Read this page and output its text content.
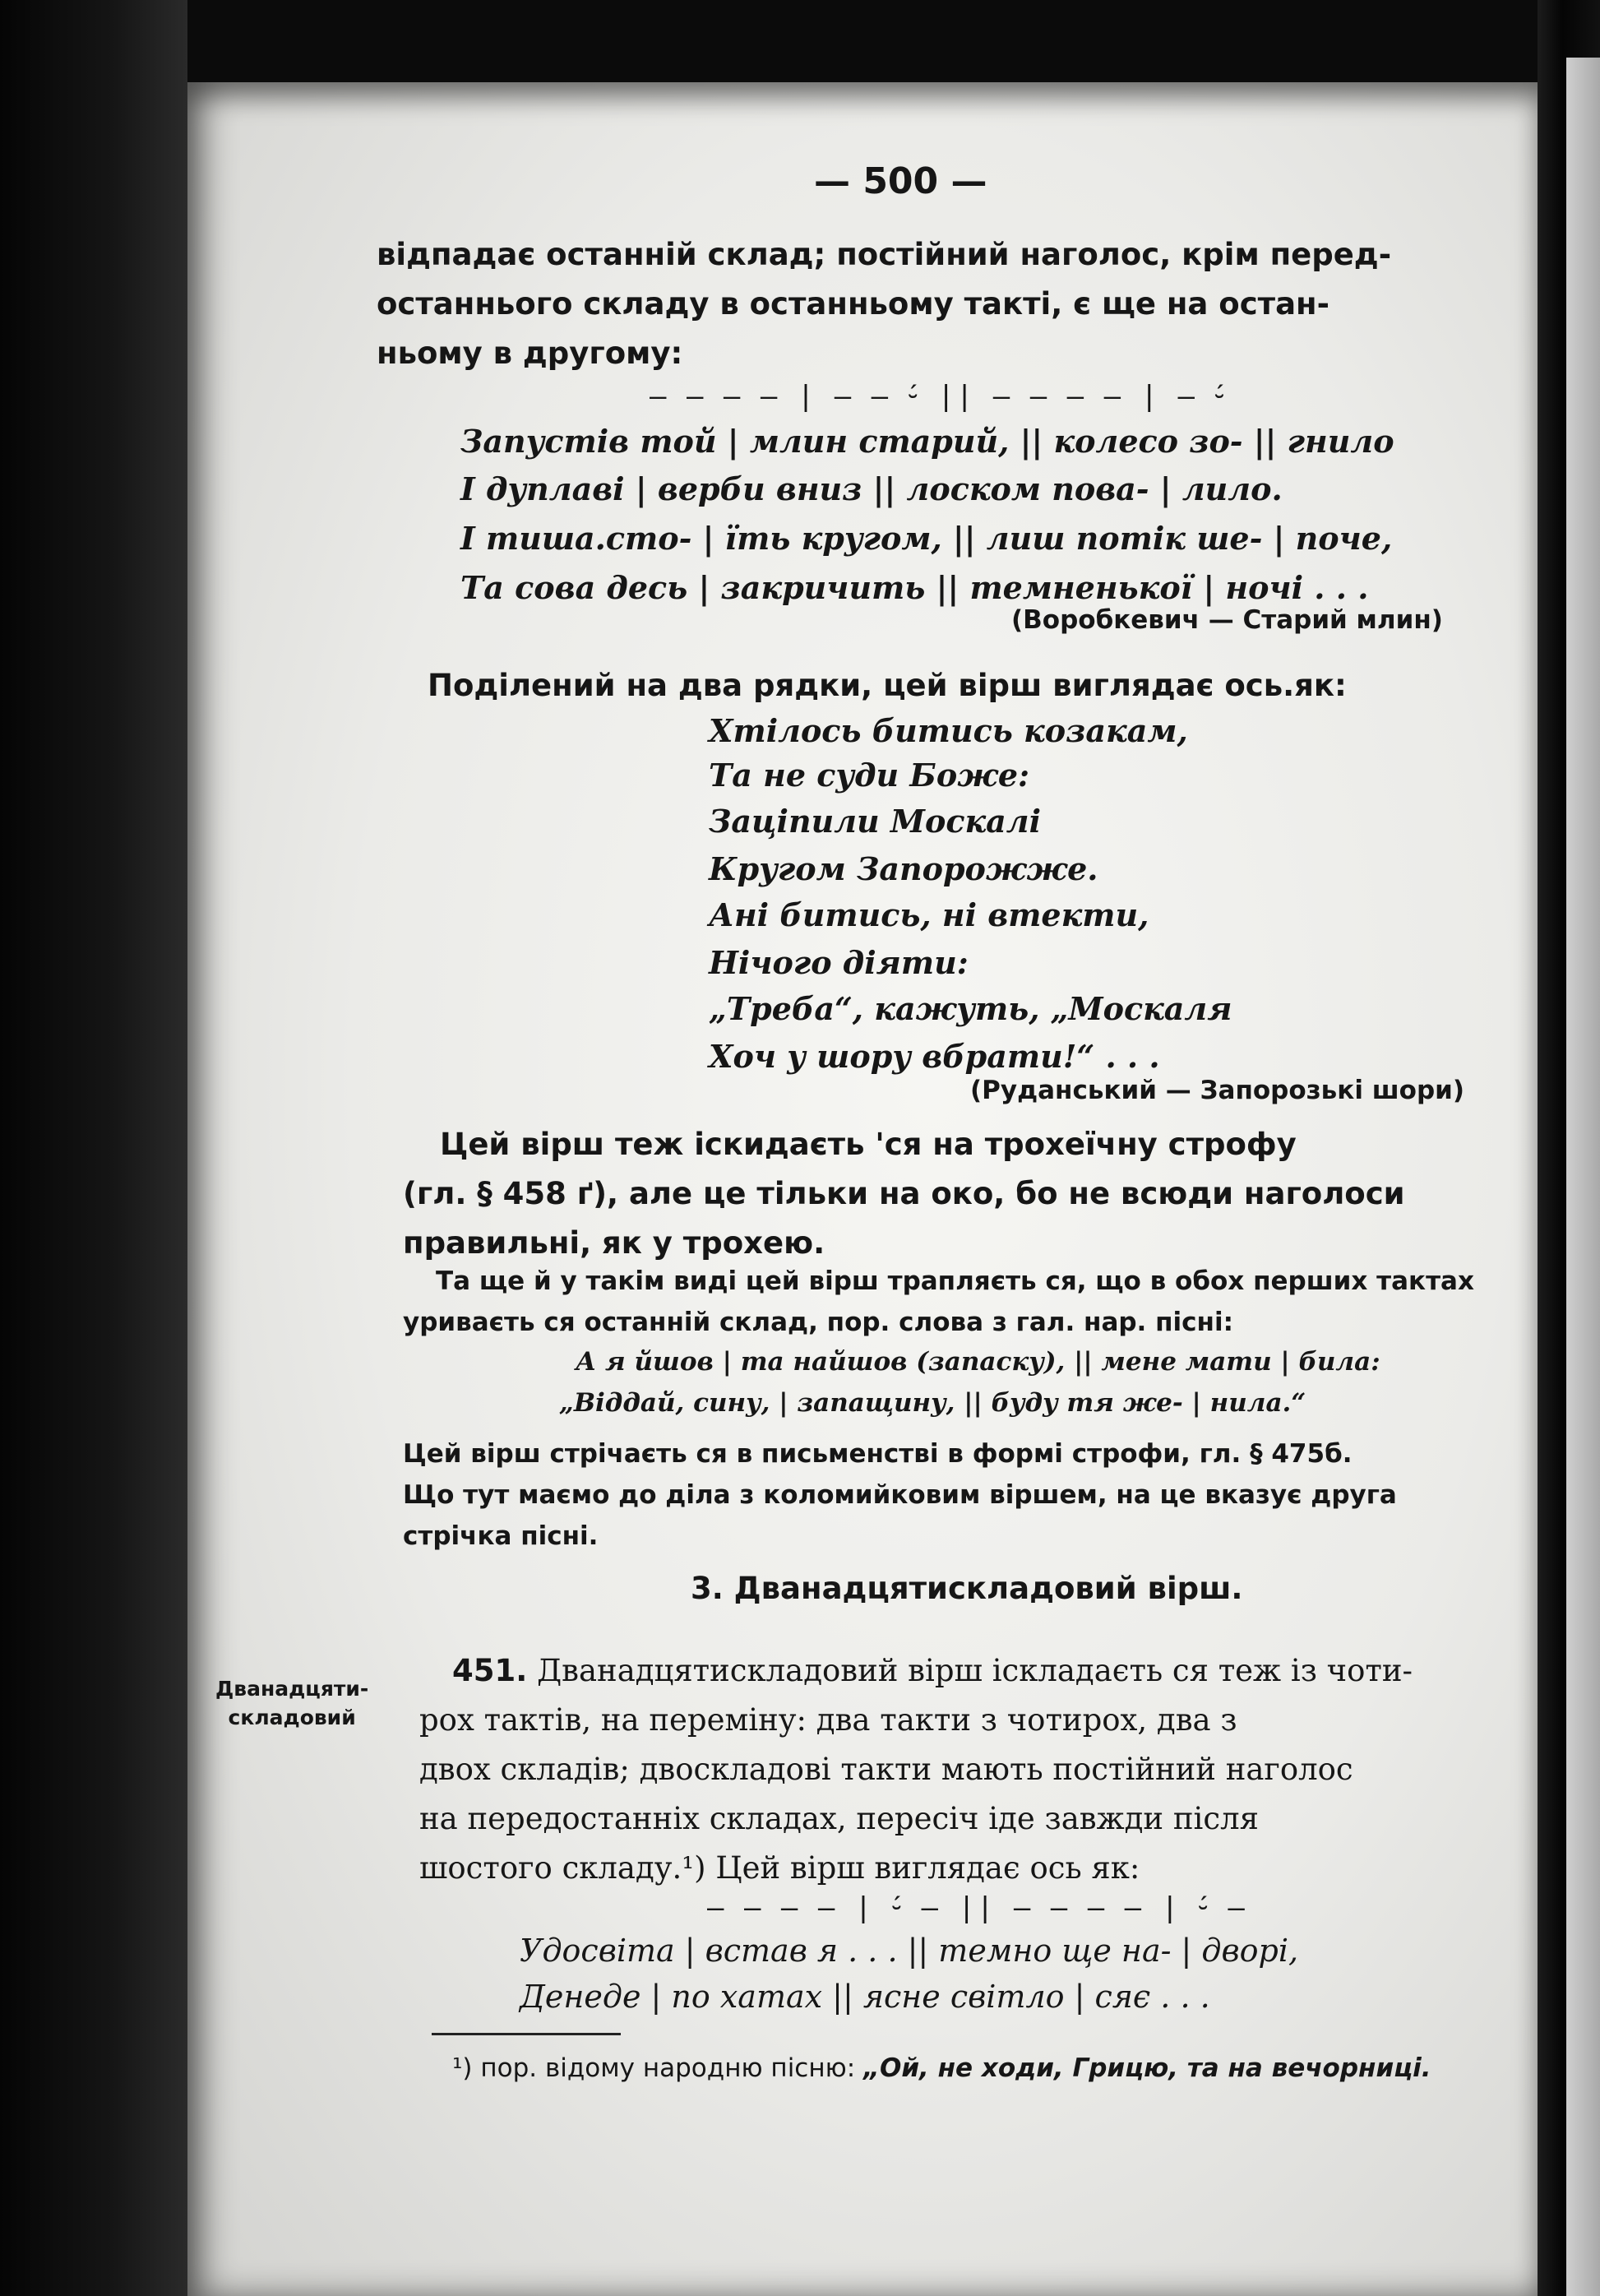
— 500 —
відпадає останній склад; постійний наголос, крім перед-
останнього складу в останньому такті, є ще на остан-
ньому в другому:
– – – – | – – ⏑́ || – – – – | – ⏑́
Запустів той | млин старий, || колесо зо- || гнило
І дуплаві | верби вниз || лоском пова- | лило.
І тиша.сто- | їть кругом, || лиш потік ше- | поче,
Та сова десь | закричить || темненької | ночі . . .
(Воробкевич — Старий млин)
Поділений на два рядки, цей вірш виглядає ось.як:
Хтілось битись козакам,
Та не суди Боже:
Заціпили Москалі
Кругом Запорожже.
Ані битись, ні втекти,
Нічого діяти:
„Треба“, кажуть, „Москаля
Хоч у шору вбрати!“ . . .
(Руданський — Запорозькі шори)
Цей вірш теж іскидаєть 'ся на трохеїчну строфу
(гл. § 458 ґ), але це тільки на око, бо не всюди наголоси
правильні, як у трохею.
Та ще й у такім виді цей вірш трапляєть ся, що в обох перших тактах
уриваєть ся останній склад, пор. слова з гал. нар. пісні:
А я йшов | та найшов (запаску), || мене мати | била:
„Віддай, сину, | запащину, || буду тя же- | нила.“
Цей вірш стрічаєть ся в письменстві в формі строфи, гл. § 475б.
Що тут маємо до діла з коломийковим віршем, на це вказує друга
стрічка пісні.
3. Дванадцятискладовий вірш.
Дванадцяти-
складовий
451. Дванадцятискладовий вірш іскладаєть ся теж із чоти-
рох тактів, на переміну: два такти з чотирох, два з
двох складів; двоскладові такти мають постійний наголос
на передостанніх складах, пересіч іде завжди після
шостого складу.¹) Цей вірш виглядає ось як:
– – – – | ⏑́ – || – – – – | ⏑́ –
Удосвіта | встав я . . . || темно ще на- | дворі,
Денеде | по хатах || ясне світло | сяє . . .
¹) пор. відому народню пісню: „Ой, не ходи, Грицю, та на вечорниці.
